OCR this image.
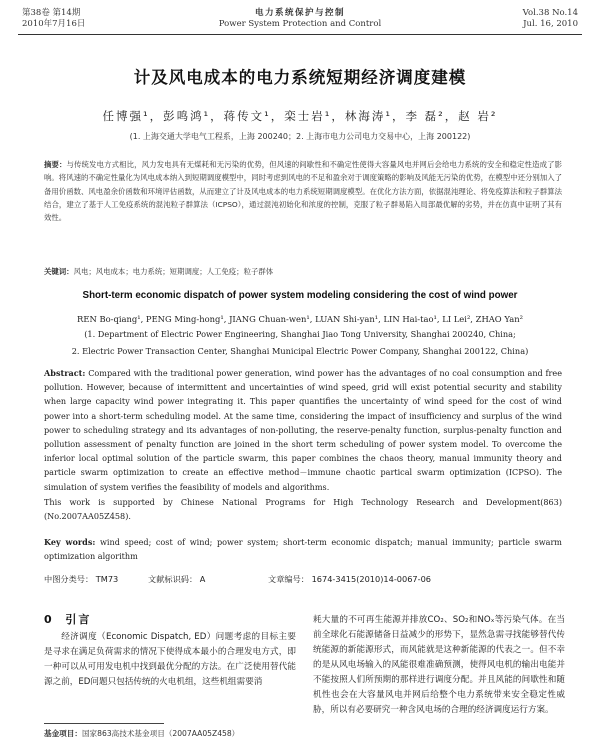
第38卷 第14期
2010年7月16日
电力系统保护与控制
Power System Protection and Control
Vol.38 No.14
Jul. 16, 2010
计及风电成本的电力系统短期经济调度建模
任博强¹，彭鸣鸿¹，蒋传文¹，栾士岩¹，林海涛¹，李 磊²，赵 岩²
(1. 上海交通大学电气工程系，上海 200240；2. 上海市电力公司电力交易中心，上海 200122)
摘要：与传统发电方式相比，风力发电具有无煤耗和无污染的优势，但风速的间歇性和不确定性使得大容量风电并网后会给电力系统的安全和稳定性造成了影响。将风速的不确定性量化为风电成本纳入到短期调度模型中，同时考虑到风电的不足和盈余对于调度策略的影响及风能无污染的优势，在模型中还分别加入了备用价函数、风电盈余价函数和环境评估函数，从而建立了计及风电成本的电力系统短期调度模型。在优化方法方面，依据混沌理论、将免疫算法和粒子群算法结合，建立了基于人工免疫系统的混沌粒子群算法（ICPSO），通过混沌初始化和浓度的控制，克服了粒子群易陷入局部最优解的劣势，并在仿真中证明了其有效性。
关键词：风电；风电成本；电力系统；短期调度；人工免疫；粒子群体
Short-term economic dispatch of power system modeling considering the cost of wind power
REN Bo-qiang¹, PENG Ming-hong¹, JIANG Chuan-wen¹, LUAN Shi-yan¹, LIN Hai-tao¹, LI Lei², ZHAO Yan²
(1. Department of Electric Power Engineering, Shanghai Jiao Tong University, Shanghai 200240, China;
2. Electric Power Transaction Center, Shanghai Municipal Electric Power Company, Shanghai 200122, China)
Abstract: Compared with the traditional power generation, wind power has the advantages of no coal consumption and free pollution. However, because of intermittent and uncertainties of wind speed, grid will exist potential security and stability when large capacity wind power integrating it. This paper quantifies the uncertainty of wind speed for the cost of wind power into a short-term scheduling model. At the same time, considering the impact of insufficiency and surplus of the wind power to scheduling strategy and its advantages of non-polluting, the reserve-penalty function, surplus-penalty function and pollution assessment of penalty function are joined in the short term scheduling of power system model. To overcome the inferior local optimal solution of the particle swarm, this paper combines the chaos theory, manual immunity theory and particle swarm optimization to create an effective method－immune chaotic partical swarm optimization (ICPSO). The simulation of system verifies the feasibility of models and algorithms.
This work is supported by Chinese National Programs for High Technology Research and Development(863) (No.2007AA05Z458).
Key words: wind speed; cost of wind; power system; short-term economic dispatch; manual immunity; particle swarm optimization algorithm
中图分类号： TM73	文献标识码： A	文章编号： 1674-3415(2010)14-0067-06
0 引言

经济调度（Economic Dispatch, ED）问题考虑的目标主要是寻求在满足负荷需求的情况下使得成本最小的合理发电方式，即一种可以从可用发电机中找到最优分配的方法。在广泛使用替代能源之前，ED问题只包括传统的火电机组，这些机组需要消

耗大量的不可再生能源并排放CO₂、SO₂和NOₓ等污染气体。在当前全球化石能源储备日益减少的形势下，显然急需寻找能够替代传统能源的新能源形式，而风能就是这种新能源的代表之一。但不幸的是从风电场输入的风能很难准确预测，使得风电机的输出电能并不能按照人们所预期的那样进行调度分配。并且风能的间歇性和随机性也会在大容量风电并网后给整个电力系统带来安全稳定性威胁，所以有必要研究一种含风电场的合理的经济调度运行方案。

基金项目：国家863高技术基金项目（2007AA05Z458）
